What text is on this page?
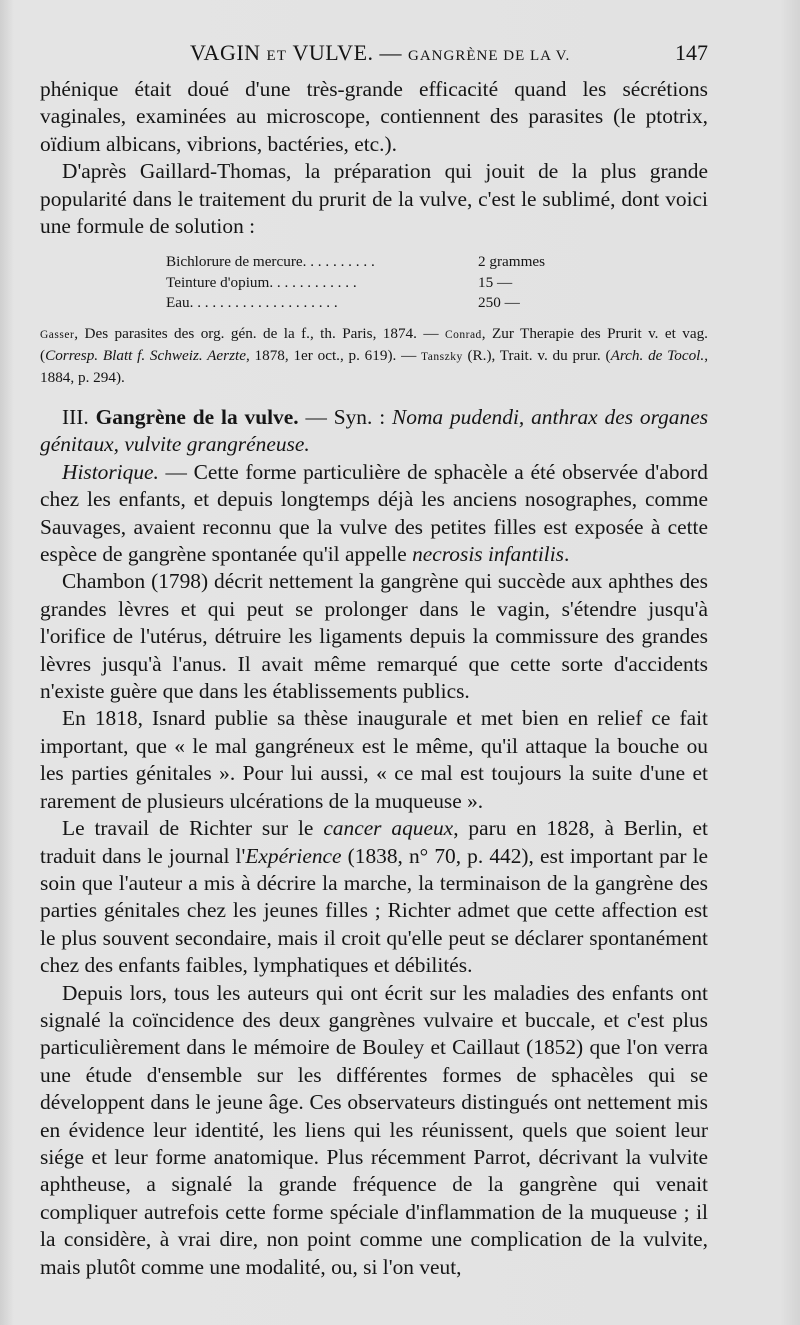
VAGIN ET VULVE. — GANGRÈNE DE LA V.	147

phénique était doué d'une très-grande efficacité quand les sécrétions vaginales, examinées au microscope, contiennent des parasites (le ptotrix, oïdium albicans, vibrions, bactéries, etc.).

D'après Gaillard-Thomas, la préparation qui jouit de la plus grande popularité dans le traitement du prurit de la vulve, c'est le sublimé, dont voici une formule de solution :

Bichlorure de mercure. . . . . . . . . .	2 grammes
Teinture d'opium. . . . . . . . . . . .	15 —
Eau. . . . . . . . . . . . . . . . . . . .	250 —
Gasser, Des parasites des org. gén. de la f., th. Paris, 1874. — Conrad, Zur Therapie des Prurit v. et vag. (Corresp. Blatt f. Schweiz. Aerzte, 1878, 1er oct., p. 619). — Tanszky (R.), Trait. v. du prur. (Arch. de Tocol., 1884, p. 294).

III. Gangrène de la vulve. — Syn. : Noma pudendi, anthrax des organes génitaux, vulvite grangréneuse.

Historique. — Cette forme particulière de sphacèle a été observée d'abord chez les enfants, et depuis longtemps déjà les anciens nosographes, comme Sauvages, avaient reconnu que la vulve des petites filles est exposée à cette espèce de gangrène spontanée qu'il appelle necrosis infantilis.

Chambon (1798) décrit nettement la gangrène qui succède aux aphthes des grandes lèvres et qui peut se prolonger dans le vagin, s'étendre jusqu'à l'orifice de l'utérus, détruire les ligaments depuis la commissure des grandes lèvres jusqu'à l'anus. Il avait même remarqué que cette sorte d'accidents n'existe guère que dans les établissements publics.

En 1818, Isnard publie sa thèse inaugurale et met bien en relief ce fait important, que « le mal gangréneux est le même, qu'il attaque la bouche ou les parties génitales ». Pour lui aussi, « ce mal est toujours la suite d'une et rarement de plusieurs ulcérations de la muqueuse ».

Le travail de Richter sur le cancer aqueux, paru en 1828, à Berlin, et traduit dans le journal l'Expérience (1838, n° 70, p. 442), est important par le soin que l'auteur a mis à décrire la marche, la terminaison de la gangrène des parties génitales chez les jeunes filles ; Richter admet que cette affection est le plus souvent secondaire, mais il croit qu'elle peut se déclarer spontanément chez des enfants faibles, lymphatiques et débilités.

Depuis lors, tous les auteurs qui ont écrit sur les maladies des enfants ont signalé la coïncidence des deux gangrènes vulvaire et buccale, et c'est plus particulièrement dans le mémoire de Bouley et Caillaut (1852) que l'on verra une étude d'ensemble sur les différentes formes de sphacèles qui se développent dans le jeune âge. Ces observateurs distingués ont nettement mis en évidence leur identité, les liens qui les réunissent, quels que soient leur siége et leur forme anatomique. Plus récemment Parrot, décrivant la vulvite aphtheuse, a signalé la grande fréquence de la gangrène qui venait compliquer autrefois cette forme spéciale d'inflammation de la muqueuse ; il la considère, à vrai dire, non point comme une complication de la vulvite, mais plutôt comme une modalité, ou, si l'on veut,
